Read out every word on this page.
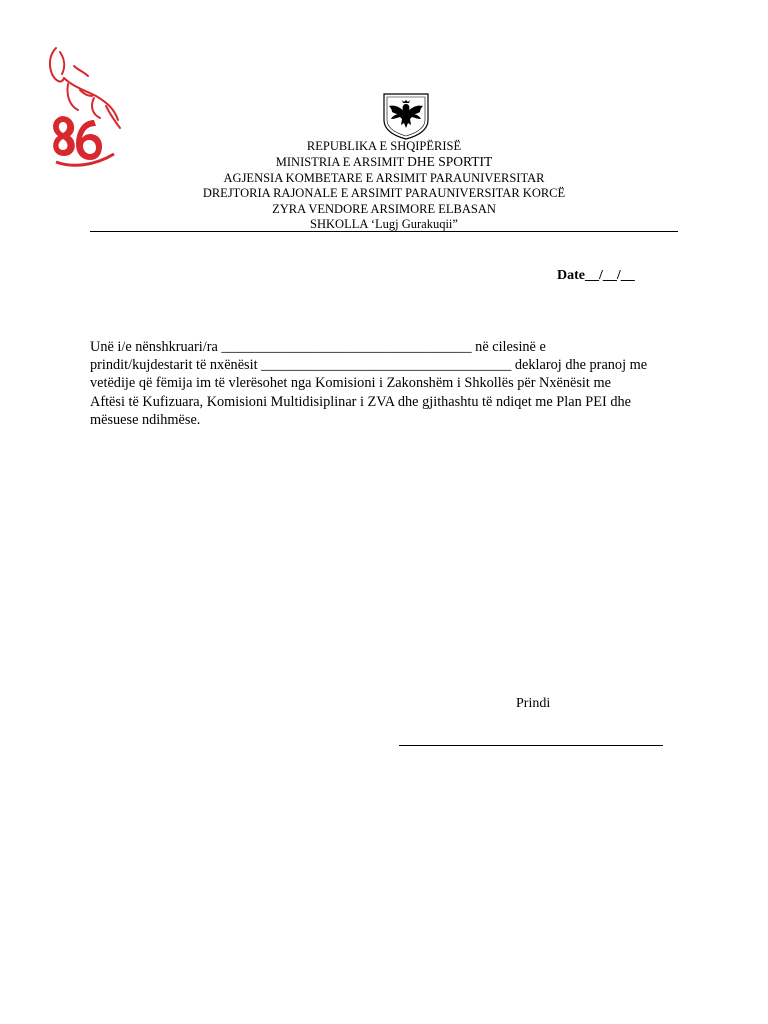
REPUBLIKA E SHQIPËRISË
MINISTRIA E ARSIMIT DHE SPORTIT
AGJENSIA KOMBETARE E ARSIMIT PARAUNIVERSITAR
DREJTORIA RAJONALE E ARSIMIT PARAUNIVERSITAR KORCË
ZYRA VENDORE ARSIMORE ELBASAN
SHKOLLA ‘Lugj Gurakuqii”
Date__/__/__
Unë i/e nënshkruari/ra ___________________________________ në cilesinë e
prindit/kujdestarit të nxënësit ___________________________________ deklaroj dhe pranoj me
vetëdije që fëmija im të vlerësohet nga Komisioni i Zakonshëm i Shkollës për Nxënësit me
Aftësi të Kufizuara, Komisioni Multidisiplinar i ZVA dhe gjithashtu të ndiqet me Plan PEI dhe
mësuese ndihmëse.
Prindi
